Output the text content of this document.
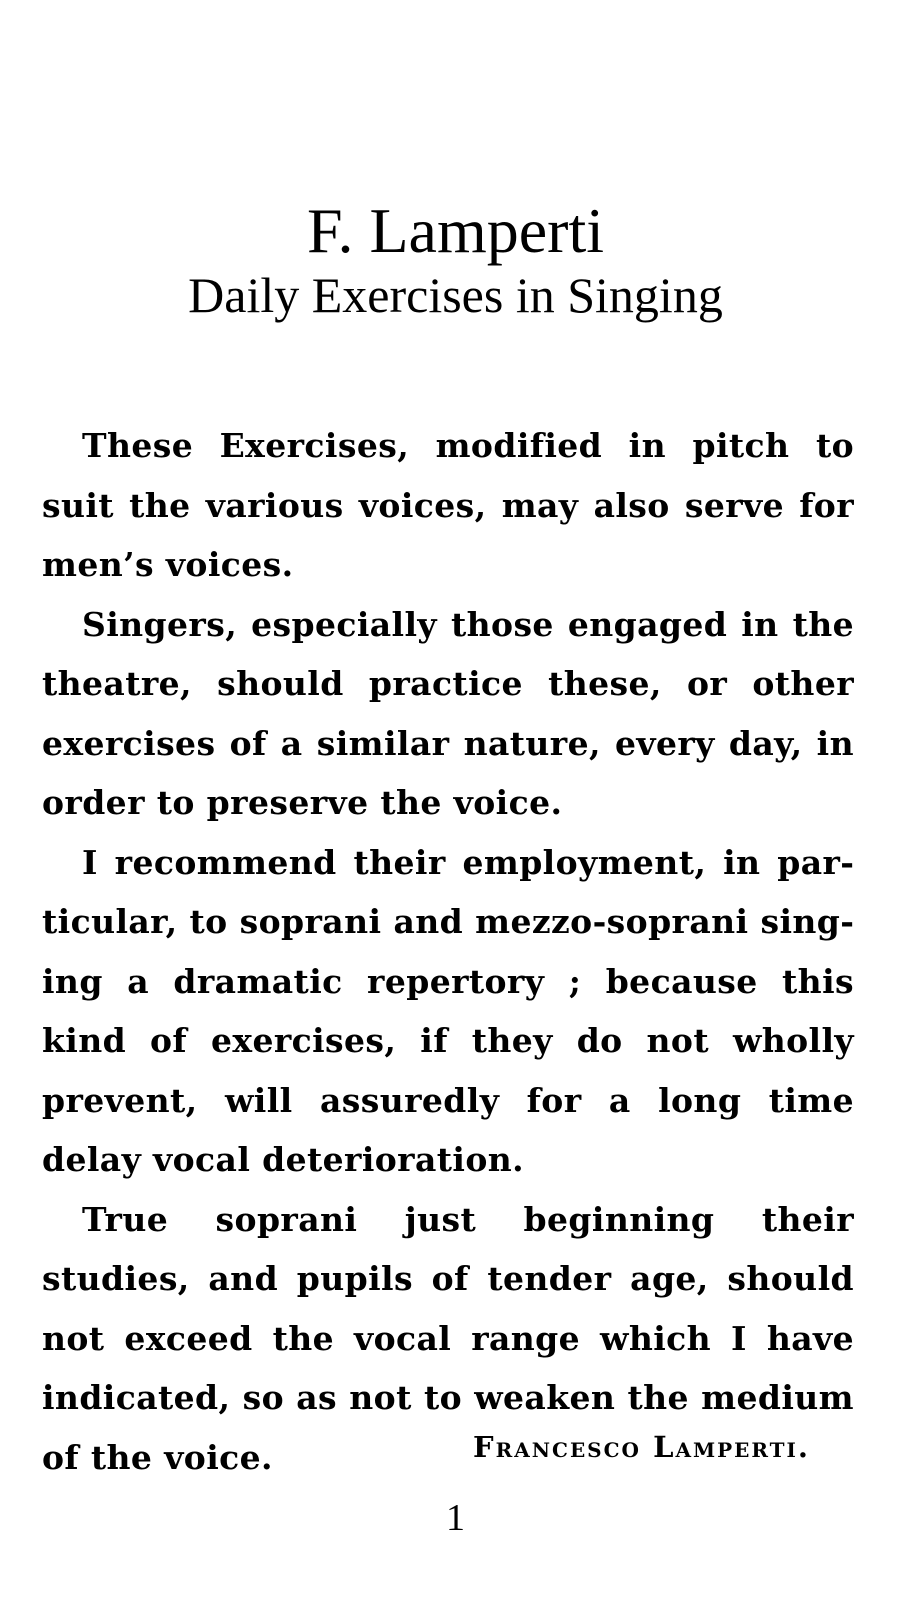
F. Lamperti
Daily Exercises in Singing

These Exercises, modified in pitch to suit the various voices, may also serve for men’s voices.

Singers, especially those engaged in the theatre, should practice these, or other exercises of a similar nature, every day, in order to preserve the voice.

I recommend their employment, in particular, to soprani and mezzo-soprani singing a dramatic repertory ; because this kind of exercises, if they do not wholly prevent, will assuredly for a long time delay vocal deterioration.

True soprani just beginning their studies, and pupils of tender age, should not exceed the vocal range which I have indicated, so as not to weaken the medium of the voice.	Francesco Lamperti.
1
